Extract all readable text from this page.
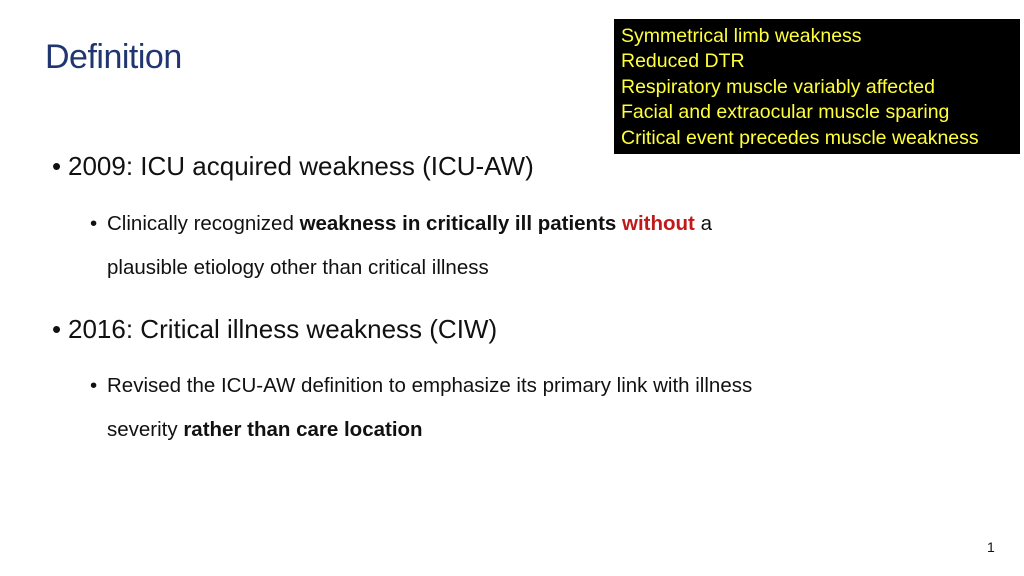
Definition
Symmetrical limb weakness
Reduced DTR
Respiratory muscle variably affected
Facial and extraocular muscle sparing
Critical event precedes muscle weakness
• 2009: ICU acquired weakness (ICU-AW)
• Clinically recognized weakness in critically ill patients without a
plausible etiology other than critical illness
• 2016: Critical illness weakness (CIW)
• Revised the ICU-AW definition to emphasize its primary link with illness
severity rather than care location
1
